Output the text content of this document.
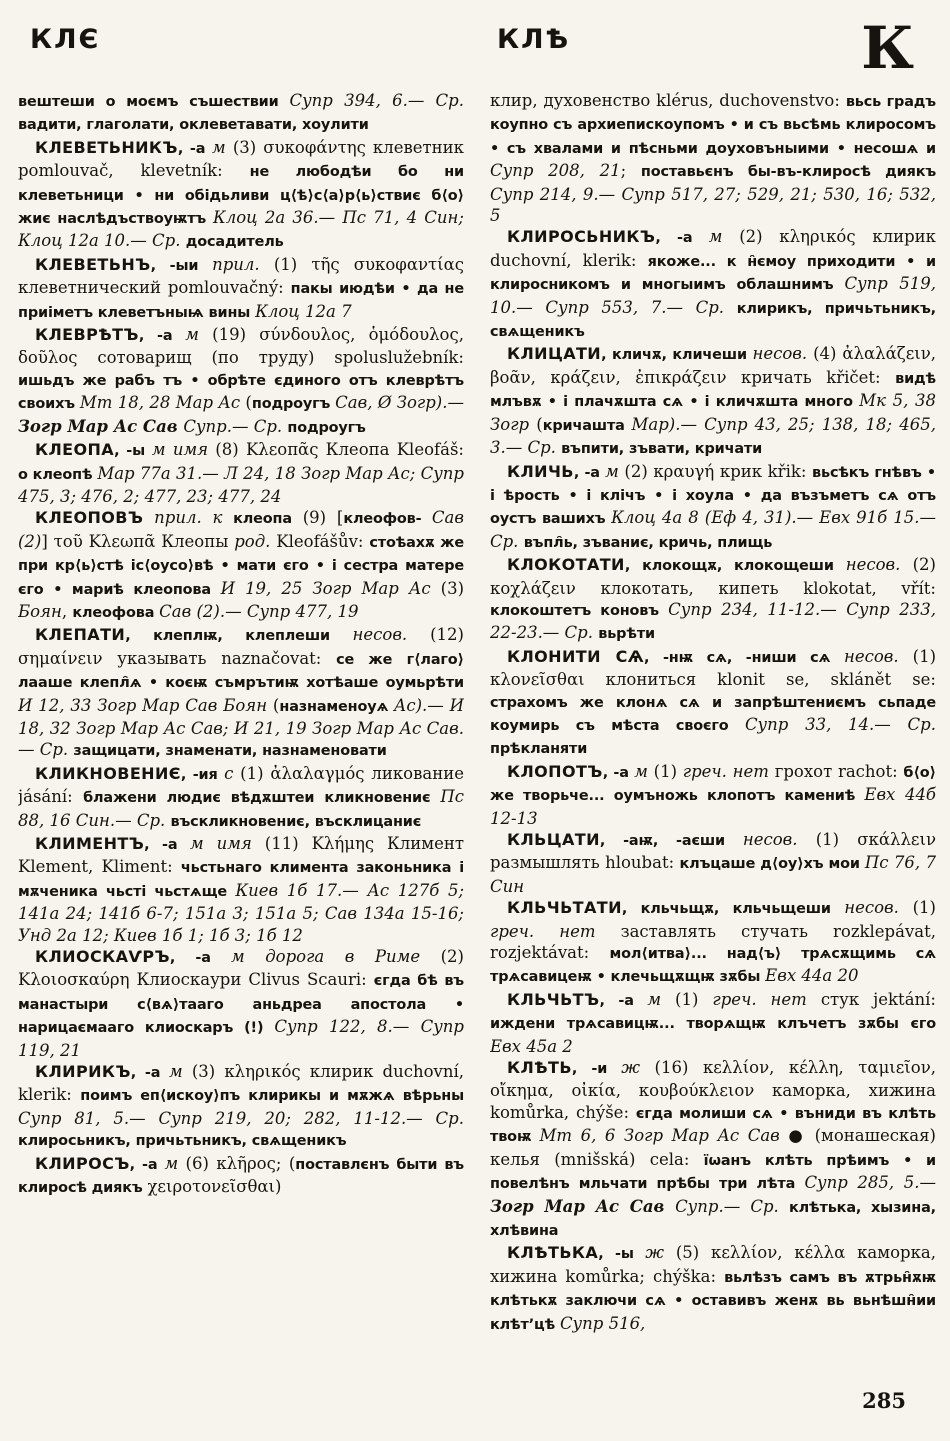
КЛЄ	КЛѢ	К

вештеши о моємъ съшествии Супр 394, 6.— Ср. вадити, глаголати, оклеветавати, хоулити

КЛЕВЕТЬНИКЪ, -а м (3) συκοφάντης клеветник pomlouvač, klevetník: не любодѣи бо ни клеветьници • ни обідьливи ц⟨ѣ⟩с⟨а⟩р⟨ь⟩ствиє б⟨о⟩жиє наслѣдъствоуѭтъ Клоц 2а 36.— Пс 71, 4 Син; Клоц 12а 10.— Ср. досадитель

КЛЕВЕТЬНЪ, -ыи прил. (1) τῆς συκοφαντίας клеветнический pomlouvačný: пакы июдѣи • да не приіметъ клеветъныѩ вины Клоц 12а 7

КЛЕВРѢТЪ, -а м (19) σύνδουλος, ὁμόδουλος, δοῦλος сотоварищ (по труду) spoluslužebník: ишьдъ же рабъ тъ • обрѣте єдиного отъ клеврѣтъ своихъ Мт 18, 28 Мар Ас (подроугъ Сав, Ø Зогр).— Зогр Мар Ас Сав Супр.— Ср. подроугъ

КЛЕОПА, -ы м имя (8) Κλεοπᾶς Клеопа Kleofáš: о клеопѣ Мар 77а 31.— Л 24, 18 Зогр Мар Ас; Супр 475, 3; 476, 2; 477, 23; 477, 24

КЛЕОПОВЪ прил. к клеопа (9) [клеофов- Сав (2)] τοῦ Κλεωπᾶ Клеопы род. Kleofášův: стоѣахѫ же при кр⟨ь⟩стѣ іс⟨оусо⟩вѣ • мати єго • і сестра матере єго • мариѣ клеопова И 19, 25 Зогр Мар Ас (3) Боян, клеофова Сав (2).— Супр 477, 19

КЛЕПАТИ, клеплѭ, клеплеши несов. (12) σημαίνειν указывать naznačovat: се же г⟨лаго⟩лааше клепл̑ѧ • коєѭ съмрътиѭ хотѣаше оумьрѣти И 12, 33 Зогр Мар Сав Боян (назнаменоуѧ Ас).— И 18, 32 Зогр Мар Ас Сав; И 21, 19 Зогр Мар Ас Сав.— Ср. защицати, знаменати, назнаменовати

КЛИКНОВЕНИЄ, -ия с (1) ἀλαλαγμός ликование jásání: блажени людиє вѣдѫштеи кликновениє Пс 88, 16 Син.— Ср. въскликновениє, въсклицаниє

КЛИМЕНТЪ, -а м имя (11) Κλήμης Климент Klement, Kliment: чьстьнаго климента законьника і мѫченика чьсті чьстѧще Киев 1б 17.— Ас 127б 5; 141а 24; 141б 6-7; 151а 3; 151а 5; Сав 134а 15-16; Унд 2а 12; Киев 1б 1; 1б 3; 1б 12

КЛИОСКАѴРЪ, -а м дорога в Риме (2) Κλοιοσκαύρη Клиоскаури Clivus Scauri: єгда бѣ въ манастыри с⟨вѧ⟩тааго аньдреа апостола • нарицаємааго клиоскаръ (!) Супр 122, 8.— Супр 119, 21

КЛИРИКЪ, -а м (3) κληρικός клирик duchovní, klerik: поимъ еп⟨искоу⟩пъ клирикы и мѫжѧ вѣрьны Супр 81, 5.— Супр 219, 20; 282, 11-12.— Ср. клиросьникъ, причьтьникъ, свѧщеникъ

КЛИРОСЪ, -а м (6) κλῆρος; (поставлєнъ быти въ клиросѣ диякъ χειροτονεῖσθαι)

клир, духовенство klérus, duchovenstvo: вьсь градъ коупно съ архиепискоупомъ • и съ вьсѣмь клиросомъ • съ хвалами и пѣсньми доуховъныими • несошѧ и Супр 208, 21; поставьєнъ бы-въ-клиросѣ диякъ Супр 214, 9.— Супр 517, 27; 529, 21; 530, 16; 532, 5

КЛИРОСЬНИКЪ, -а м (2) κληρικός клирик duchovní, klerik: якоже... к н̑ємоу приходити • и клиросникомъ и многыимъ облашнимъ Супр 519, 10.— Супр 553, 7.— Ср. клирикъ, причьтьникъ, свѧщеникъ

КЛИЦАТИ, кличѫ, кличеши несов. (4) ἀλαλάζειν, βοᾶν, κράζειν, ἐπικράζειν кричать křičet: видѣ млъвѫ • і плачѫшта сѧ • і кличѫшта много Мк 5, 38 Зогр (кричашта Мар).— Супр 43, 25; 138, 18; 465, 3.— Ср. въпити, зъвати, кричати

КЛИЧЬ, -а м (2) κραυγή крик křik: вьсѣкъ гнѣвъ • і ѣрость • і клічъ • і хоула • да възъметъ сѧ отъ оустъ вашихъ Клоц 4а 8 (Еф 4, 31).— Евх 91б 15.— Ср. въпл̑ь, зъваниє, кричь, плищь

КЛОКОТАТИ, клокощѫ, клокощеши несов. (2) κοχλάζειν клокотать, кипеть klokotat, vřít: клокоштетъ коновъ Супр 234, 11-12.— Супр 233, 22-23.— Ср. вьрѣти

КЛОНИТИ СѦ, -нѭ сѧ, -ниши сѧ несов. (1) κλονεῖσθαι клониться klonit se, sklánět se: страхомъ же клонѧ сѧ и запрѣштениємъ сьпаде коумирь съ мѣста своєго Супр 33, 14.— Ср. прѣкланяти

КЛОПОТЪ, -а м (1) греч. нет грохот rachot: б⟨о⟩же творьче... оумъножь клопотъ камениѣ Евх 44б 12-13

КЛЬЦАТИ, -аѭ, -аєши несов. (1) σκάλλειν размышлять hloubat: клъцаше д⟨оу⟩хъ мои Пс 76, 7 Син

КЛЬЧЬТАТИ, кльчьщѫ, кльчьщеши несов. (1) греч. нет заставлять стучать rozklepávat, rozjektávat: мол⟨итва⟩... над⟨ъ⟩ трѧсѫщимь сѧ трѧсавицеѭ • клечьщѫщѭ зѫбы Евх 44а 20

КЛЬЧЬТЪ, -а м (1) греч. нет стук jektání: иждени трѧсавицѭ... творѧщѭ клъчетъ зѫбы єго Евх 45а 2

КЛѢТЬ, -и ж (16) κελλίον, κέλλη, ταμιεῖον, οἴκημα, οἰκία, κουβούκλειον каморка, хижина komůrka, chýše: єгда молиши сѧ • въниди въ клѣть твоѭ Мт 6, 6 Зогр Мар Ас Сав ● (монашеская) келья (mnišská) cela: їѡанъ клѣть прѣимъ • и повелѣнъ мльчати прѣбы три лѣта Супр 285, 5.— Зогр Мар Ас Сав Супр.— Ср. клѣтька, хызина, хлѣвина

КЛѢТЬКА, -ы ж (5) κελλίον, κέλλα каморка, хижина komůrka; chýška: вьлѣзъ самъ въ ѫтрьн̑ѫѭ клѣтькѫ заключи сѧ • оставивъ женѫ вь вьнѣшн̑ии клѣт’цѣ Супр 516,

285
